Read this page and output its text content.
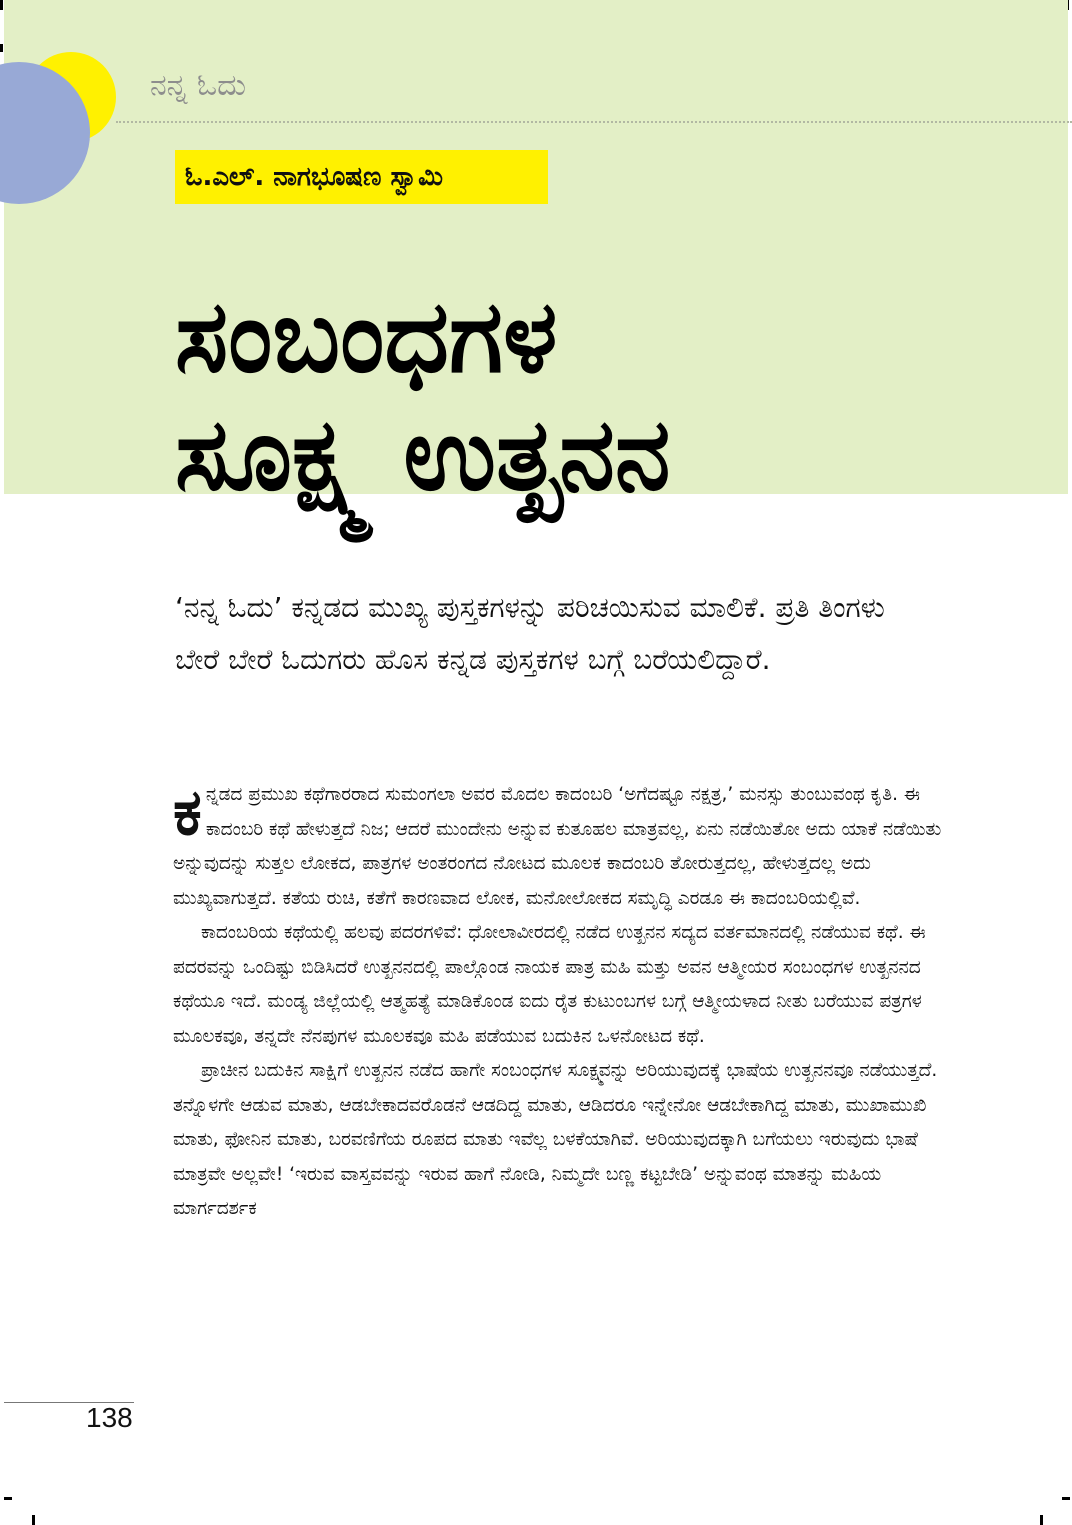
ನನ್ನ ಓದು
ಓ.ಎಲ್. ನಾಗಭೂಷಣ ಸ್ವಾಮಿ
ಸಂಬಂಧಗಳ
ಸೂಕ್ಷ್ಮ ಉತ್ಖನನ
‘ನನ್ನ ಓದು’ ಕನ್ನಡದ ಮುಖ್ಯ ಪುಸ್ತಕಗಳನ್ನು ಪರಿಚಯಿಸುವ ಮಾಲಿಕೆ. ಪ್ರತಿ ತಿಂಗಳು ಬೇರೆ ಬೇರೆ ಓದುಗರು ಹೊಸ ಕನ್ನಡ ಪುಸ್ತಕಗಳ ಬಗ್ಗೆ ಬರೆಯಲಿದ್ದಾರೆ.

ಕನ್ನಡದ ಪ್ರಮುಖ ಕಥೆಗಾರರಾದ ಸುಮಂಗಲಾ ಅವರ ಮೊದಲ ಕಾದಂಬರಿ ‘ಅಗೆದಷ್ಟೂ ನಕ್ಷತ್ರ,’ ಮನಸ್ಸು ತುಂಬುವಂಥ ಕೃತಿ. ಈ ಕಾದಂಬರಿ ಕಥೆ ಹೇಳುತ್ತದೆ ನಿಜ; ಆದರೆ ಮುಂದೇನು ಅನ್ನುವ ಕುತೂಹಲ ಮಾತ್ರವಲ್ಲ, ಏನು ನಡೆಯಿತೋ ಅದು ಯಾಕೆ ನಡೆಯಿತು ಅನ್ನುವುದನ್ನು ಸುತ್ತಲ ಲೋಕದ, ಪಾತ್ರಗಳ ಅಂತರಂಗದ ನೋಟದ ಮೂಲಕ ಕಾದಂಬರಿ ತೋರುತ್ತದಲ್ಲ, ಹೇಳುತ್ತದಲ್ಲ ಅದು ಮುಖ್ಯವಾಗುತ್ತದೆ. ಕತೆಯ ರುಚಿ, ಕತೆಗೆ ಕಾರಣವಾದ ಲೋಕ, ಮನೋಲೋಕದ ಸಮೃದ್ಧಿ ಎರಡೂ ಈ ಕಾದಂಬರಿಯಲ್ಲಿವೆ.

ಕಾದಂಬರಿಯ ಕಥೆಯಲ್ಲಿ ಹಲವು ಪದರಗಳಿವೆ: ಧೋಲಾವೀರದಲ್ಲಿ ನಡೆದ ಉತ್ಖನನ ಸದ್ಯದ ವರ್ತಮಾನದಲ್ಲಿ ನಡೆಯುವ ಕಥೆ. ಈ ಪದರವನ್ನು ಒಂದಿಷ್ಟು ಬಿಡಿಸಿದರೆ ಉತ್ಖನನದಲ್ಲಿ ಪಾಲ್ಗೊಂಡ ನಾಯಕ ಪಾತ್ರ ಮಹಿ ಮತ್ತು ಅವನ ಆತ್ಮೀಯರ ಸಂಬಂಧಗಳ ಉತ್ಖನನದ ಕಥೆಯೂ ಇದೆ. ಮಂಡ್ಯ ಜಿಲ್ಲೆಯಲ್ಲಿ ಆತ್ಮಹತ್ಯೆ ಮಾಡಿಕೊಂಡ ಐದು ರೈತ ಕುಟುಂಬಗಳ ಬಗ್ಗೆ ಆತ್ಮೀಯಳಾದ ನೀತು ಬರೆಯುವ ಪತ್ರಗಳ ಮೂಲಕವೂ, ತನ್ನದೇ ನೆನಪುಗಳ ಮೂಲಕವೂ ಮಹಿ ಪಡೆಯುವ ಬದುಕಿನ ಒಳನೋಟದ ಕಥೆ.

ಪ್ರಾಚೀನ ಬದುಕಿನ ಸಾಕ್ಷಿಗೆ ಉತ್ಖನನ ನಡೆದ ಹಾಗೇ ಸಂಬಂಧಗಳ ಸೂಕ್ಷ್ಮವನ್ನು ಅರಿಯುವುದಕ್ಕೆ ಭಾಷೆಯ ಉತ್ಖನನವೂ ನಡೆಯುತ್ತದೆ. ತನ್ನೊಳಗೇ ಆಡುವ ಮಾತು, ಆಡಬೇಕಾದವರೊಡನೆ ಆಡದಿದ್ದ ಮಾತು, ಆಡಿದರೂ ಇನ್ನೇನೋ ಆಡಬೇಕಾಗಿದ್ದ ಮಾತು, ಮುಖಾಮುಖಿ ಮಾತು, ಫೋನಿನ ಮಾತು, ಬರವಣಿಗೆಯ ರೂಪದ ಮಾತು ಇವೆಲ್ಲ ಬಳಕೆಯಾಗಿವೆ. ಅರಿಯುವುದಕ್ಕಾಗಿ ಬಗೆಯಲು ಇರುವುದು ಭಾಷೆ ಮಾತ್ರವೇ ಅಲ್ಲವೇ! ‘ಇರುವ ವಾಸ್ತವವನ್ನು ಇರುವ ಹಾಗೆ ನೋಡಿ, ನಿಮ್ಮದೇ ಬಣ್ಣ ಕಟ್ಟಬೇಡಿ’ ಅನ್ನುವಂಥ ಮಾತನ್ನು ಮಹಿಯ ಮಾರ್ಗದರ್ಶಕ

138
